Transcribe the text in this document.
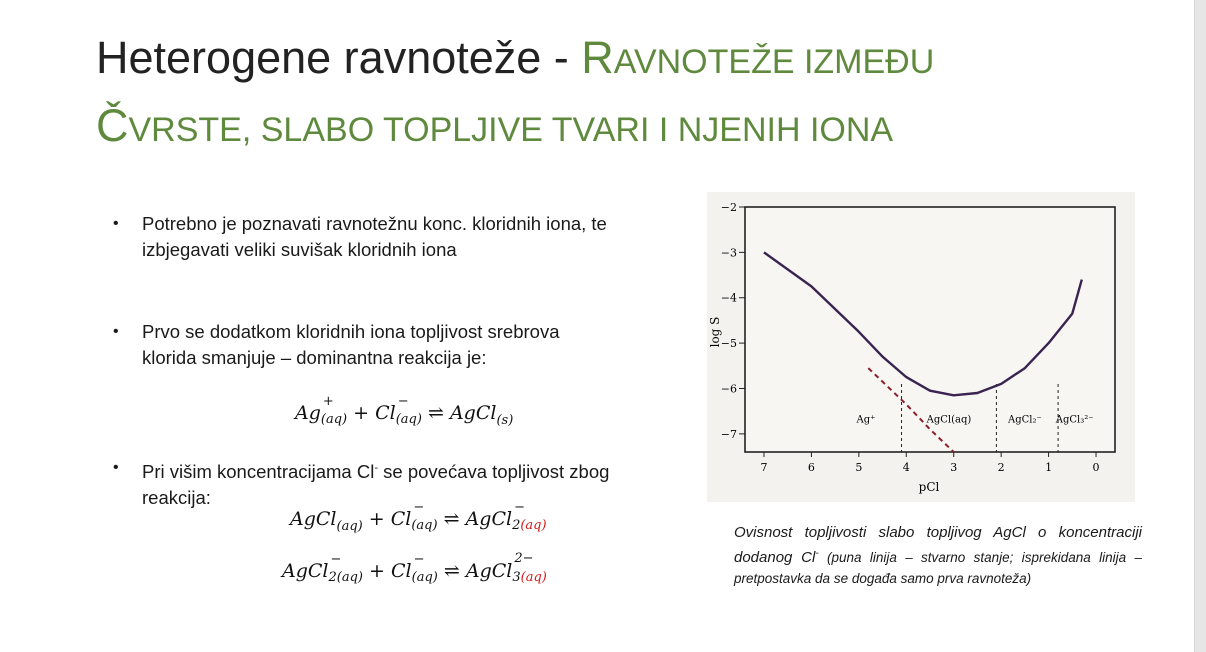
Heterogene ravnoteže - RAVNOTEŽE IZMEĐU
ČVRSTE, SLABO TOPLJIVE TVARI I NJENIH IONA
•	Potrebno je poznavati ravnotežnu konc. kloridnih iona, te
izbjegavati veliki suvišak kloridnih iona
•	Prvo se dodatkom kloridnih iona topljivost srebrova
klorida smanjuje – dominantna reakcija je:
Ag
+
(aq) + Cl
−
(aq) ⇌ AgCl$_{(s)}$
•	Pri višim koncentracijama Cl- se povećava topljivost zbog
reakcija:
AgCl$_{(aq)}$ + Cl
−
(aq) ⇌ AgCl
−
2(aq)
AgCl
−
2(aq) + Cl
−
(aq) ⇌ AgCl
2−
3(aq)
−2
−3
−4
−5
−6
−7
7	6	5	4	3	2	1	0
Ag⁺	AgCl(aq)	AgCl₂⁻ AgCl₃²⁻
log S
pCl
Ovisnost topljivosti slabo topljivog AgCl o koncentraciji dodanog Cl- (puna linija – stvarno stanje; isprekidana linija – pretpostavka da se događa samo prva ravnoteža)
